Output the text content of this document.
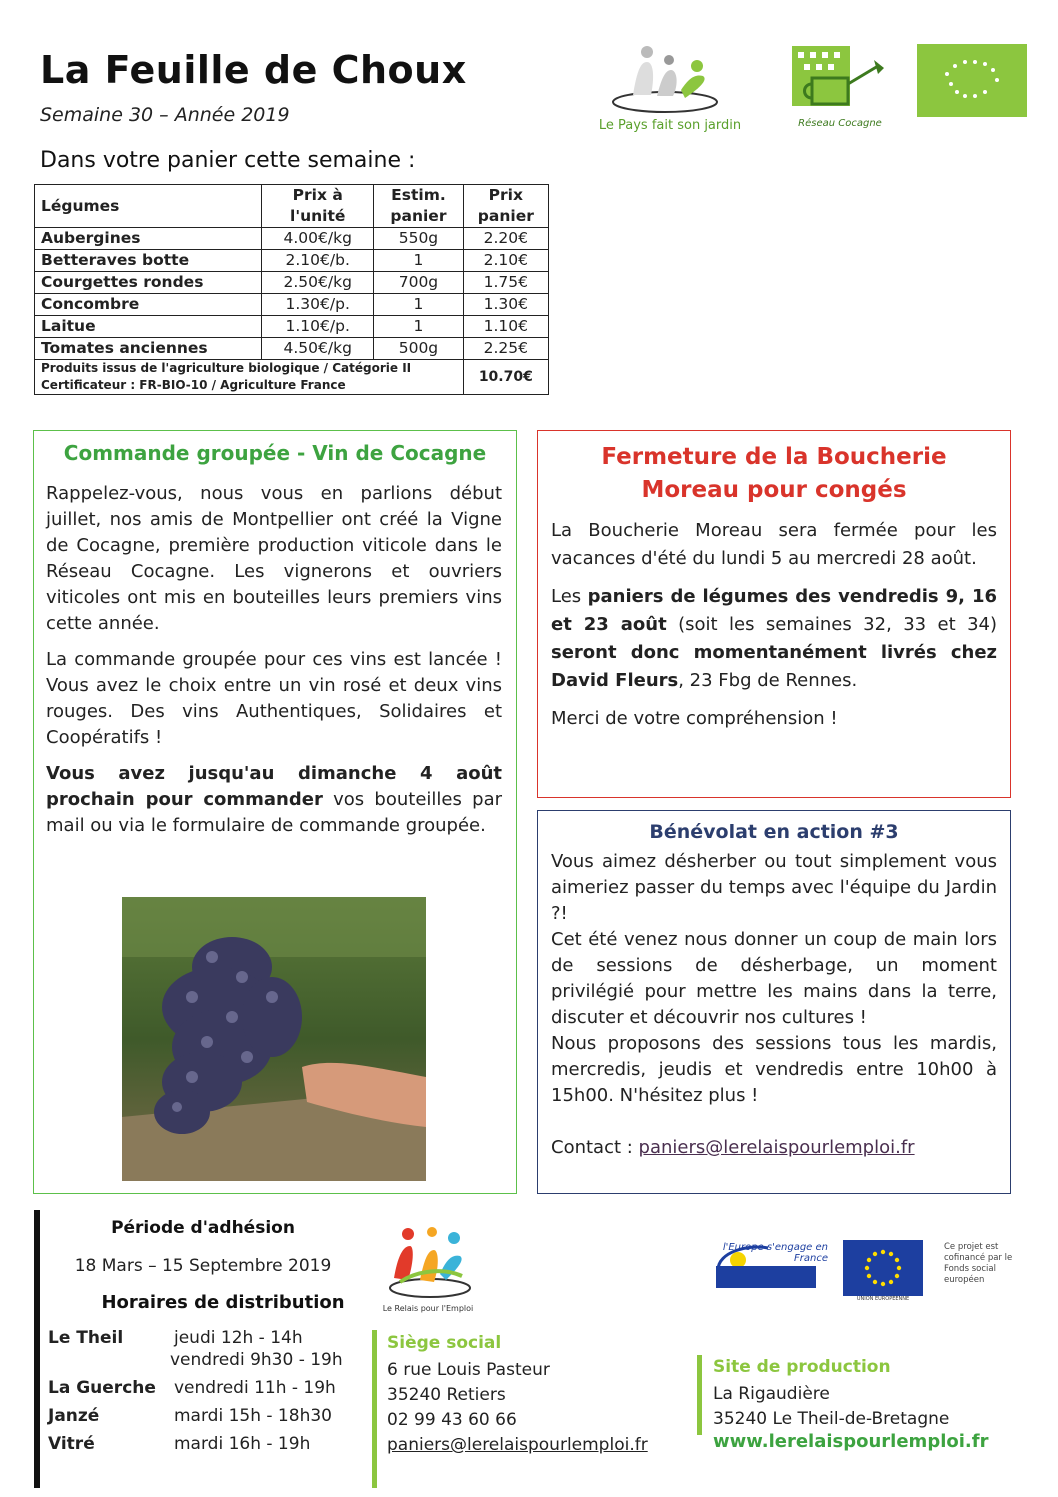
La Feuille de Choux
Semaine 30 – Année 2019
Dans votre panier cette semaine :
Le Pays fait son jardin	Réseau Cocagne
Légumes	Prix à l'unité	Estim. panier	Prix panier
Aubergines	4.00€/kg	550g	2.20€
Betteraves botte	2.10€/b.	1	2.10€
Courgettes rondes	2.50€/kg	700g	1.75€
Concombre	1.30€/p.	1	1.30€
Laitue	1.10€/p.	1	1.10€
Tomates anciennes	4.50€/kg	500g	2.25€

Produits issus de l'agriculture biologique / Catégorie II
Certificateur : FR-BIO-10 / Agriculture France			10.70€
Commande groupée - Vin de Cocagne

Rappelez-vous, nous vous en parlions début juillet, nos amis de Montpellier ont créé la Vigne de Cocagne, première production viticole dans le Réseau Cocagne. Les vignerons et ouvriers viticoles ont mis en bouteilles leurs premiers vins cette année.

La commande groupée pour ces vins est lancée ! Vous avez le choix entre un vin rosé et deux vins rouges. Des vins Authentiques, Solidaires et Coopératifs !

Vous avez jusqu'au dimanche 4 août prochain pour commander vos bouteilles par mail ou via le formulaire de commande groupée.

Fermeture de la Boucherie
Moreau pour congés

La Boucherie Moreau sera fermée pour les vacances d'été du lundi 5 au mercredi 28 août.

Les paniers de légumes des vendredis 9, 16 et 23 août (soit les semaines 32, 33 et 34) seront donc momentanément livrés chez David Fleurs, 23 Fbg de Rennes.

Merci de votre compréhension !

Bénévolat en action #3
Vous aimez désherber ou tout simplement vous aimeriez passer du temps avec l'équipe du Jardin ?!
Cet été venez nous donner un coup de main lors de sessions de désherbage, un moment privilégié pour mettre les mains dans la terre, discuter et découvrir nos cultures !
Nous proposons des sessions tous les mardis, mercredis, jeudis et vendredis entre 10h00 à 15h00. N'hésitez plus !
Contact : paniers@lerelaispourlemploi.fr
Période d'adhésion
18 Mars – 15 Septembre 2019
Horaires de distribution
Le Theil	jeudi 12h - 14h
vendredi 9h30 - 19h
La Guerche vendredi 11h - 19h
Janzé	mardi 15h - 18h30
Vitré	mardi 16h - 19h
Le Relais pour l'Emploi
Siège social
6 rue Louis Pasteur
35240 Retiers
02 99 43 60 66
paniers@lerelaispourlemploi.fr
l'Europe s'engage en France
UNION EUROPÉENNE
Ce projet est cofinancé par le Fonds social européen
Site de production
La Rigaudière
35240 Le Theil-de-Bretagne
www.lerelaispourlemploi.fr
